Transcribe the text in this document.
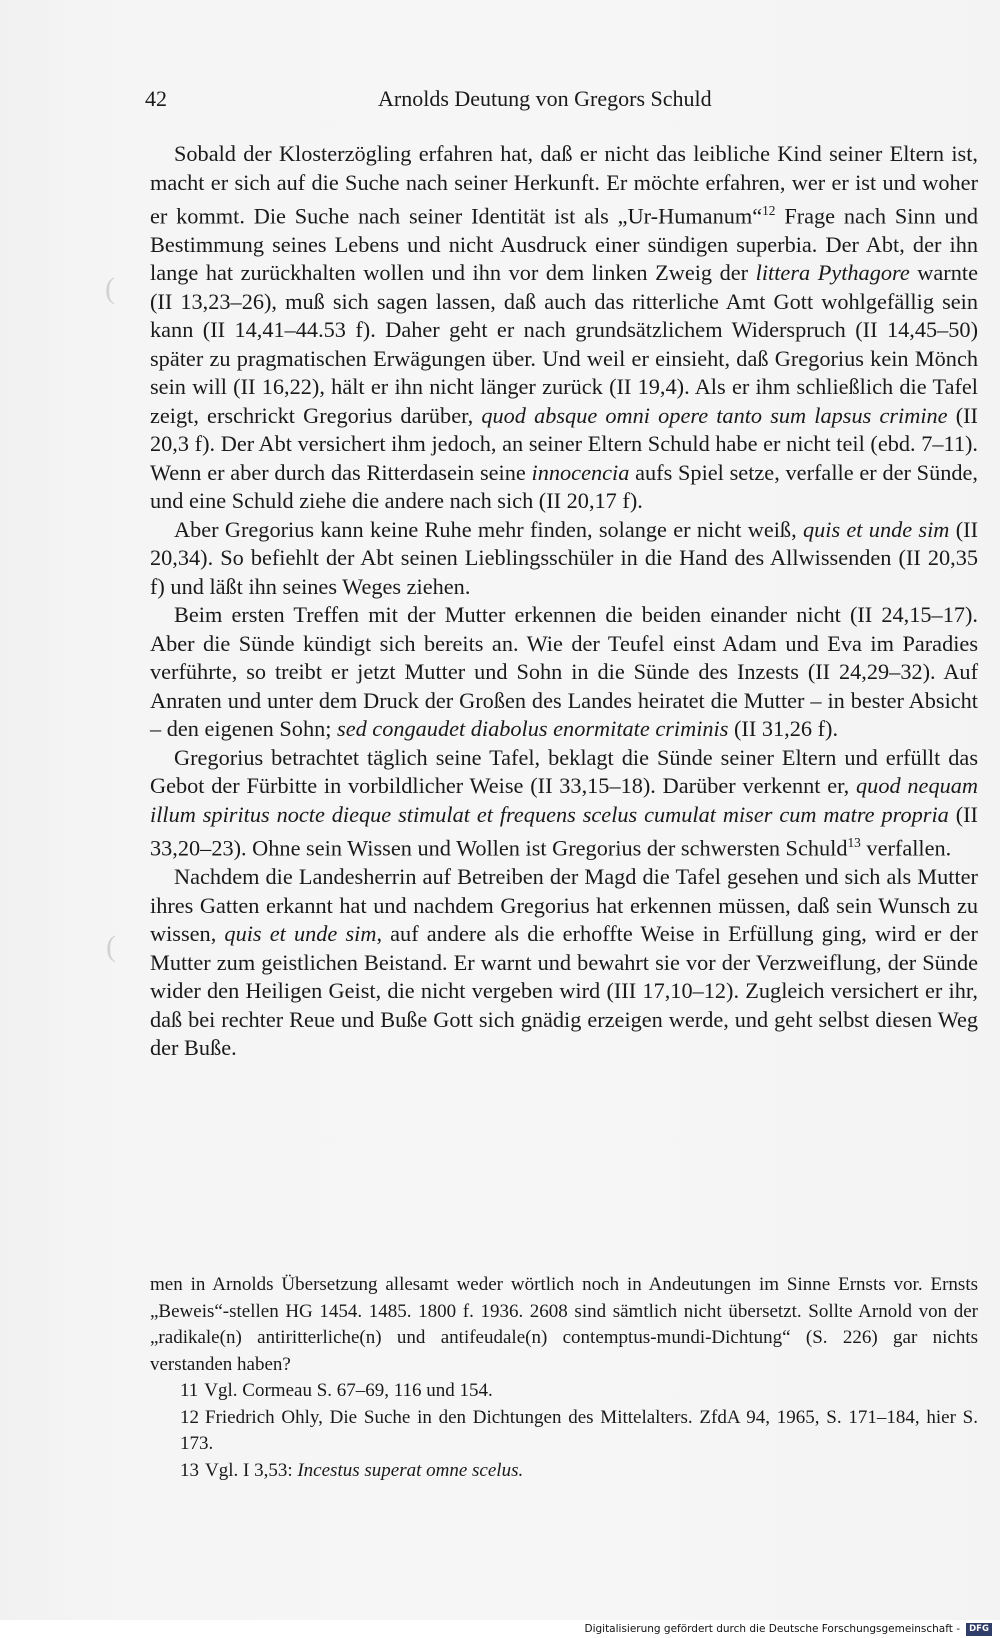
(
(
42	Arnolds Deutung von Gregors Schuld

Sobald der Klosterzögling erfahren hat, daß er nicht das leibliche Kind seiner Eltern ist, macht er sich auf die Suche nach seiner Herkunft. Er möchte erfahren, wer er ist und woher er kommt. Die Suche nach seiner Identität ist als „Ur-Humanum“$^{12}$ Frage nach Sinn und Bestimmung seines Lebens und nicht Ausdruck einer sündigen superbia. Der Abt, der ihn lange hat zurückhalten wollen und ihn vor dem linken Zweig der littera Pythagore warnte (II 13,23–26), muß sich sagen lassen, daß auch das ritterliche Amt Gott wohlgefällig sein kann (II 14,41–44.53 f). Daher geht er nach grundsätzlichem Widerspruch (II 14,45–50) später zu pragmatischen Erwägungen über. Und weil er einsieht, daß Gregorius kein Mönch sein will (II 16,22), hält er ihn nicht länger zurück (II 19,4). Als er ihm schließlich die Tafel zeigt, erschrickt Gregorius darüber, quod absque omni opere tanto sum lapsus crimine (II 20,3 f). Der Abt versichert ihm jedoch, an seiner Eltern Schuld habe er nicht teil (ebd. 7–11). Wenn er aber durch das Ritterdasein seine innocencia aufs Spiel setze, verfalle er der Sünde, und eine Schuld ziehe die andere nach sich (II 20,17 f).

Aber Gregorius kann keine Ruhe mehr finden, solange er nicht weiß, quis et unde sim (II 20,34). So befiehlt der Abt seinen Lieblingsschüler in die Hand des Allwissenden (II 20,35 f) und läßt ihn seines Weges ziehen.

Beim ersten Treffen mit der Mutter erkennen die beiden einander nicht (II 24,15–17). Aber die Sünde kündigt sich bereits an. Wie der Teufel einst Adam und Eva im Paradies verführte, so treibt er jetzt Mutter und Sohn in die Sünde des Inzests (II 24,29–32). Auf Anraten und unter dem Druck der Großen des Landes heiratet die Mutter – in bester Absicht – den eigenen Sohn; sed congaudet diabolus enormitate criminis (II 31,26 f).

Gregorius betrachtet täglich seine Tafel, beklagt die Sünde seiner Eltern und erfüllt das Gebot der Fürbitte in vorbildlicher Weise (II 33,15–18). Darüber verkennt er, quod nequam illum spiritus nocte dieque stimulat et frequens scelus cumulat miser cum matre propria (II 33,20–23). Ohne sein Wissen und Wollen ist Gregorius der schwersten Schuld$^{13}$ verfallen.

Nachdem die Landesherrin auf Betreiben der Magd die Tafel gesehen und sich als Mutter ihres Gatten erkannt hat und nachdem Gregorius hat erkennen müssen, daß sein Wunsch zu wissen, quis et unde sim, auf andere als die erhoffte Weise in Erfüllung ging, wird er der Mutter zum geistlichen Beistand. Er warnt und bewahrt sie vor der Verzweiflung, der Sünde wider den Heiligen Geist, die nicht vergeben wird (III 17,10–12). Zugleich versichert er ihr, daß bei rechter Reue und Buße Gott sich gnädig erzeigen werde, und geht selbst diesen Weg der Buße.

men in Arnolds Übersetzung allesamt weder wörtlich noch in Andeutungen im Sinne Ernsts vor. Ernsts „Beweis“-stellen HG 1454. 1485. 1800 f. 1936. 2608 sind sämtlich nicht übersetzt. Sollte Arnold von der „radikale(n) antiritterliche(n) und antifeudale(n) contemptus-mundi-Dichtung“ (S. 226) gar nichts verstanden haben?

11 Vgl. Cormeau S. 67–69, 116 und 154.

12 Friedrich Ohly, Die Suche in den Dichtungen des Mittelalters. ZfdA 94, 1965, S. 171–184, hier S. 173.

13 Vgl. I 3,53: Incestus superat omne scelus.

Digitalisierung gefördert durch die Deutsche Forschungsgemeinschaft -	DFG
